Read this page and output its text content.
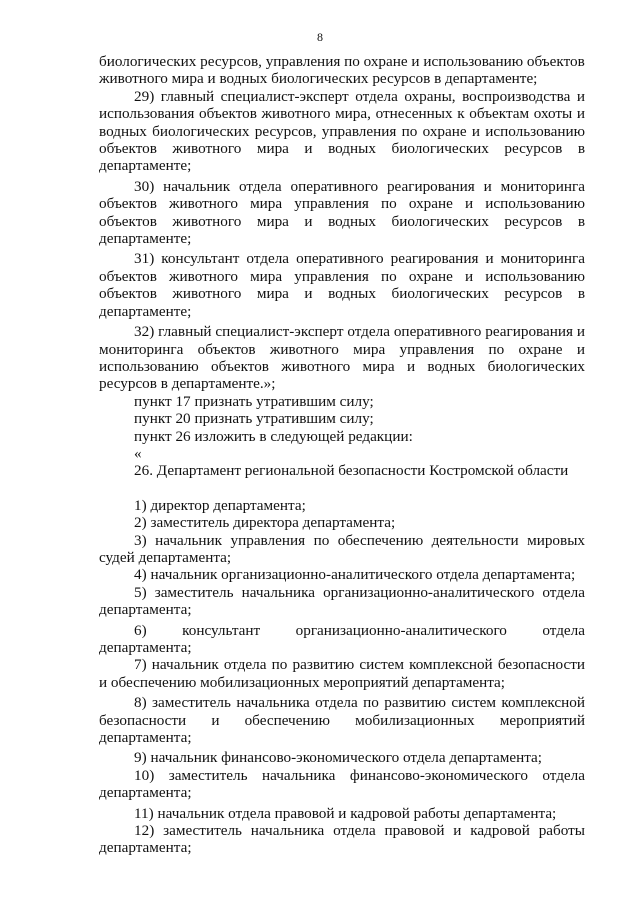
8
биологических ресурсов, управления по охране и использованию объектов
животного мира и водных биологических ресурсов в департаменте;
29) главный специалист-эксперт отдела охраны, воспроизводства и использования объектов животного мира, отнесенных к объектам охоты и водных биологических ресурсов, управления по охране и использованию объектов животного мира и водных биологических ресурсов в департаменте;
30) начальник отдела оперативного реагирования и мониторинга объектов животного мира управления по охране и использованию объектов животного мира и водных биологических ресурсов в департаменте;
31) консультант отдела оперативного реагирования и мониторинга объектов животного мира управления по охране и использованию объектов животного мира и водных биологических ресурсов в департаменте;
32) главный специалист-эксперт отдела оперативного реагирования и мониторинга объектов животного мира управления по охране и использованию объектов животного мира и водных биологических ресурсов в департаменте.»;
пункт 17 признать утратившим силу;
пункт 20 признать утратившим силу;
пункт 26 изложить в следующей редакции:
«
26. Департамент региональной безопасности Костромской области
1) директор департамента;
2) заместитель директора департамента;
3) начальник управления по обеспечению деятельности мировых судей департамента;
4) начальник организационно-аналитического отдела департамента;
5) заместитель начальника организационно-аналитического отдела департамента;
6) консультант организационно-аналитического отдела департамента;
7) начальник отдела по развитию систем комплексной безопасности и обеспечению мобилизационных мероприятий департамента;
8) заместитель начальника отдела по развитию систем комплексной безопасности и обеспечению мобилизационных мероприятий департамента;
9) начальник финансово-экономического отдела департамента;
10) заместитель начальника финансово-экономического отдела департамента;
11) начальник отдела правовой и кадровой работы департамента;
12) заместитель начальника отдела правовой и кадровой работы департамента;
